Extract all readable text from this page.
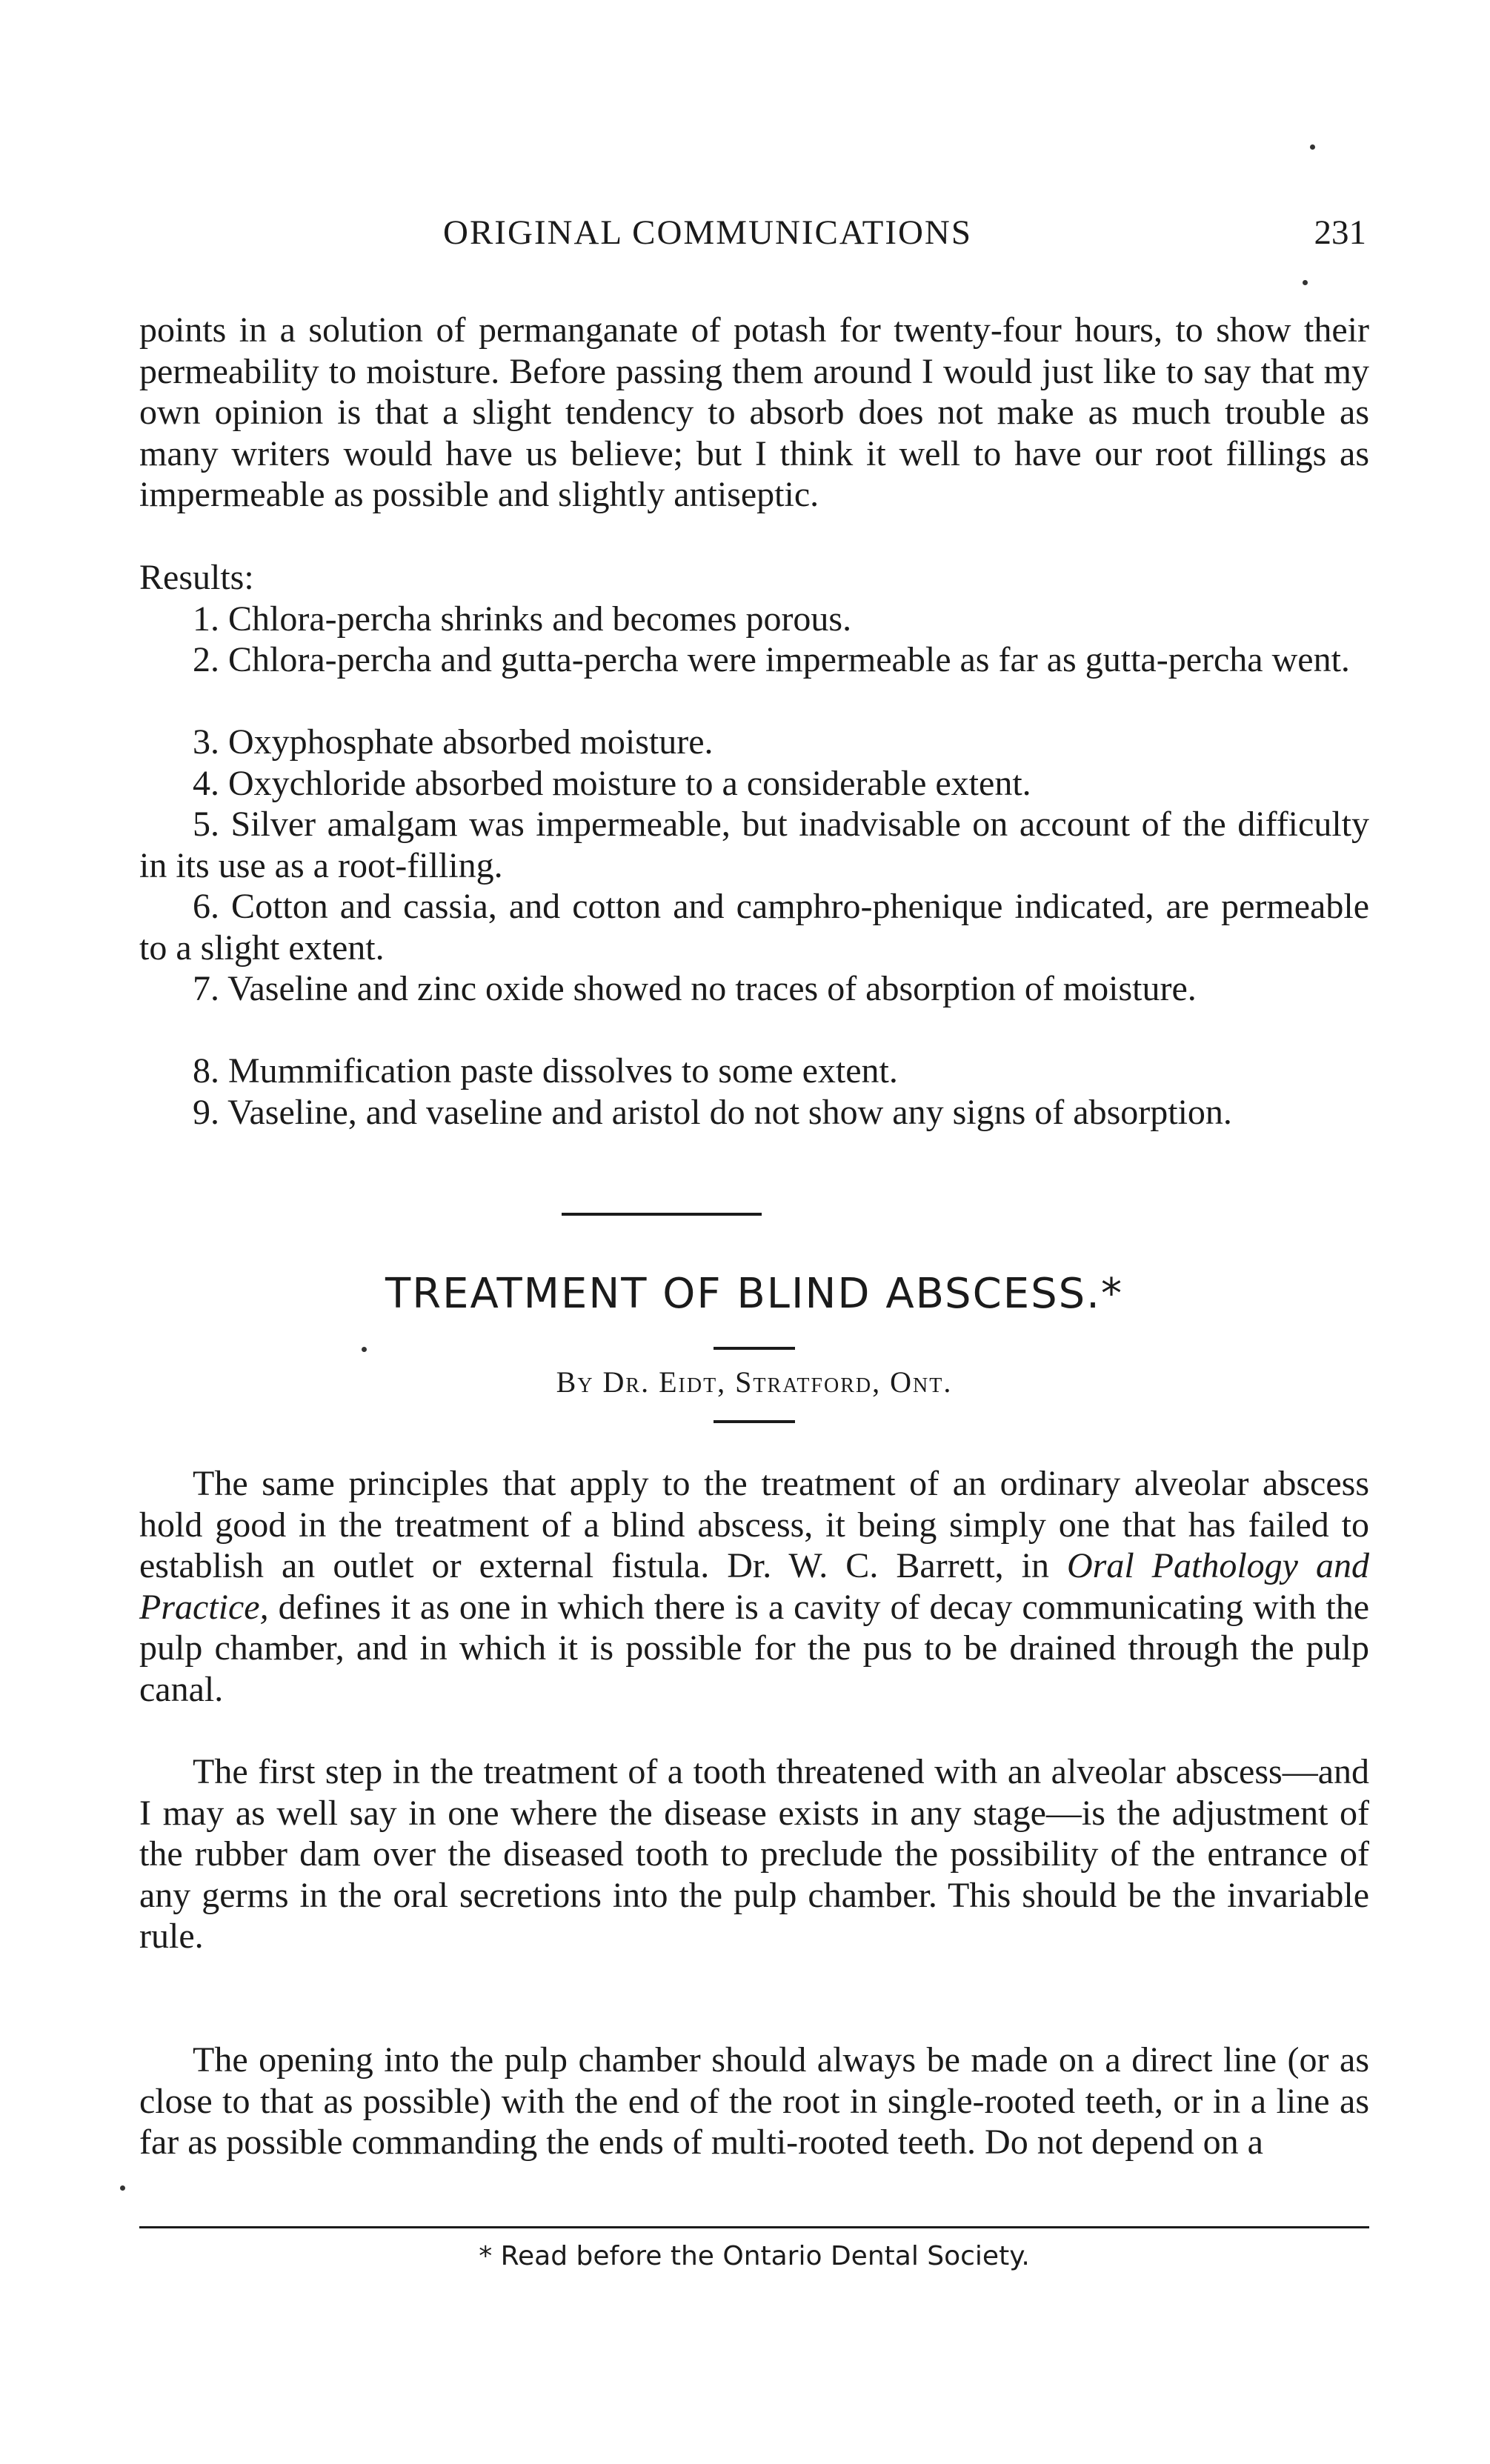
ORIGINAL COMMUNICATIONS	231

points in a solution of permanganate of potash for twenty-four hours, to show their permeability to moisture. Before passing them around I would just like to say that my own opinion is that a slight tendency to absorb does not make as much trouble as many writers would have us believe; but I think it well to have our root fillings as impermeable as possible and slightly antiseptic.

Results:

1. Chlora-percha shrinks and becomes porous.

2. Chlora-percha and gutta-percha were impermeable as far as gutta-percha went.

3. Oxyphosphate absorbed moisture.

4. Oxychloride absorbed moisture to a considerable extent.

5. Silver amalgam was impermeable, but inadvisable on account of the difficulty in its use as a root-filling.

6. Cotton and cassia, and cotton and camphro-phenique indicated, are permeable to a slight extent.

7. Vaseline and zinc oxide showed no traces of absorption of moisture.

8. Mummification paste dissolves to some extent.

9. Vaseline, and vaseline and aristol do not show any signs of absorption.

TREATMENT OF BLIND ABSCESS.*
By Dr. Eidt, Stratford, Ont.

The same principles that apply to the treatment of an ordinary alveolar abscess hold good in the treatment of a blind abscess, it being simply one that has failed to establish an outlet or external fistula. Dr. W. C. Barrett, in Oral Pathology and Practice, defines it as one in which there is a cavity of decay communicating with the pulp chamber, and in which it is possible for the pus to be drained through the pulp canal.

The first step in the treatment of a tooth threatened with an alveolar abscess—and I may as well say in one where the disease exists in any stage—is the adjustment of the rubber dam over the diseased tooth to preclude the possibility of the entrance of any germs in the oral secretions into the pulp chamber. This should be the invariable rule.

The opening into the pulp chamber should always be made on a direct line (or as close to that as possible) with the end of the root in single-rooted teeth, or in a line as far as possible commanding the ends of multi-rooted teeth. Do not depend on a

* Read before the Ontario Dental Society.
